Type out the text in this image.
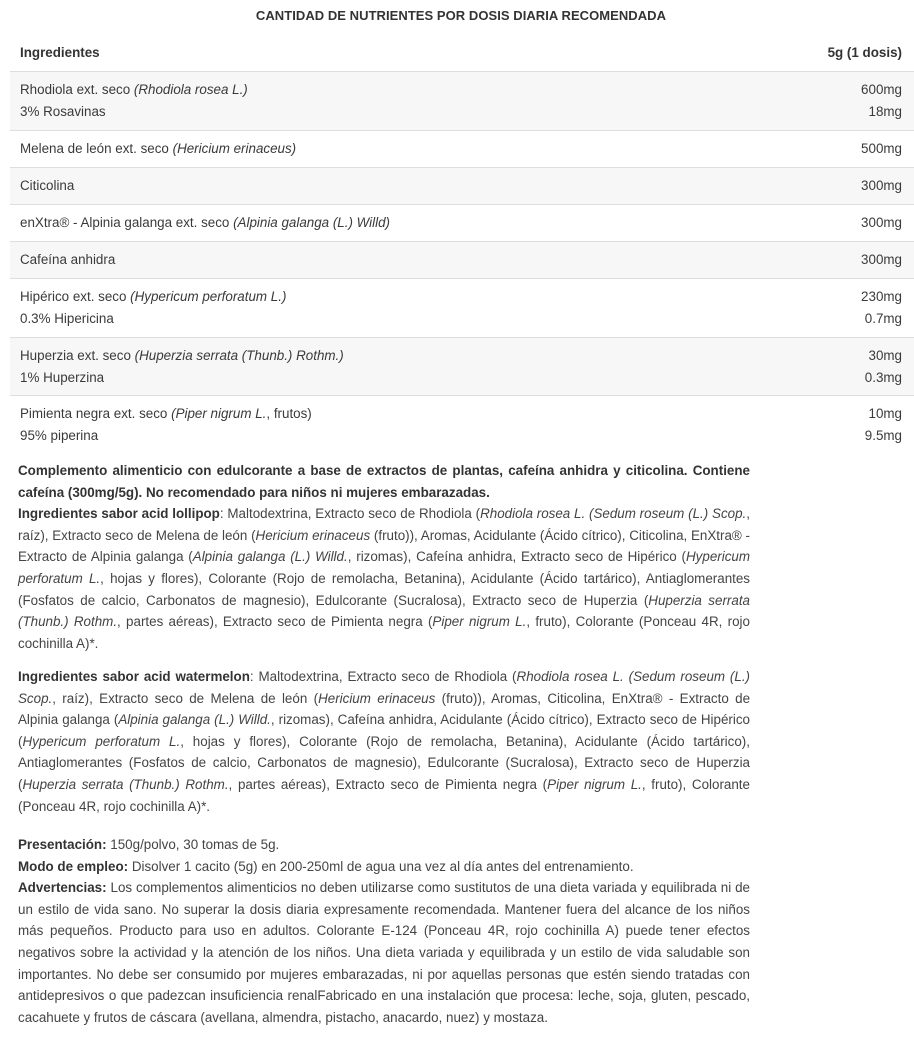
CANTIDAD DE NUTRIENTES POR DOSIS DIARIA RECOMENDADA
Ingredientes	5g (1 dosis)
Rhodiola ext. seco (Rhodiola rosea L.)	600mg
3% Rosavinas	18mg
Melena de león ext. seco (Hericium erinaceus)	500mg
Citicolina	300mg
enXtra® - Alpinia galanga ext. seco (Alpinia galanga (L.) Willd)	300mg
Cafeína anhidra	300mg
Hipérico ext. seco (Hypericum perforatum L.)	230mg
0.3% Hipericina	0.7mg
Huperzia ext. seco (Huperzia serrata (Thunb.) Rothm.)	30mg
1% Huperzina	0.3mg
Pimienta negra ext. seco (Piper nigrum L., frutos)	10mg
95% piperina	9.5mg

Complemento alimenticio con edulcorante a base de extractos de plantas, cafeína anhidra y citicolina. Contiene cafeína (300mg/5g). No recomendado para niños ni mujeres embarazadas.
Ingredientes sabor acid lollipop: Maltodextrina, Extracto seco de Rhodiola (Rhodiola rosea L. (Sedum roseum (L.) Scop., raíz), Extracto seco de Melena de león (Hericium erinaceus (fruto)), Aromas, Acidulante (Ácido cítrico), Citicolina, EnXtra® - Extracto de Alpinia galanga (Alpinia galanga (L.) Willd., rizomas), Cafeína anhidra, Extracto seco de Hipérico (Hypericum perforatum L., hojas y flores), Colorante (Rojo de remolacha, Betanina), Acidulante (Ácido tartárico), Antiaglomerantes (Fosfatos de calcio, Carbonatos de magnesio), Edulcorante (Sucralosa), Extracto seco de Huperzia (Huperzia serrata (Thunb.) Rothm., partes aéreas), Extracto seco de Pimienta negra (Piper nigrum L., fruto), Colorante (Ponceau 4R, rojo cochinilla A)*.

Ingredientes sabor acid watermelon: Maltodextrina, Extracto seco de Rhodiola (Rhodiola rosea L. (Sedum roseum (L.) Scop., raíz), Extracto seco de Melena de león (Hericium erinaceus (fruto)), Aromas, Citicolina, EnXtra® - Extracto de Alpinia galanga (Alpinia galanga (L.) Willd., rizomas), Cafeína anhidra, Acidulante (Ácido cítrico), Extracto seco de Hipérico (Hypericum perforatum L., hojas y flores), Colorante (Rojo de remolacha, Betanina), Acidulante (Ácido tartárico), Antiaglomerantes (Fosfatos de calcio, Carbonatos de magnesio), Edulcorante (Sucralosa), Extracto seco de Huperzia (Huperzia serrata (Thunb.) Rothm., partes aéreas), Extracto seco de Pimienta negra (Piper nigrum L., fruto), Colorante (Ponceau 4R, rojo cochinilla A)*.

Presentación: 150g/polvo, 30 tomas de 5g.
Modo de empleo: Disolver 1 cacito (5g) en 200-250ml de agua una vez al día antes del entrenamiento.
Advertencias: Los complementos alimenticios no deben utilizarse como sustitutos de una dieta variada y equilibrada ni de un estilo de vida sano. No superar la dosis diaria expresamente recomendada. Mantener fuera del alcance de los niños más pequeños. Producto para uso en adultos. Colorante E-124 (Ponceau 4R, rojo cochinilla A) puede tener efectos negativos sobre la actividad y la atención de los niños. Una dieta variada y equilibrada y un estilo de vida saludable son importantes. No debe ser consumido por mujeres embarazadas, ni por aquellas personas que estén siendo tratadas con antidepresivos o que padezcan insuficiencia renalFabricado en una instalación que procesa: leche, soja, gluten, pescado, cacahuete y frutos de cáscara (avellana, almendra, pistacho, anacardo, nuez) y mostaza.
